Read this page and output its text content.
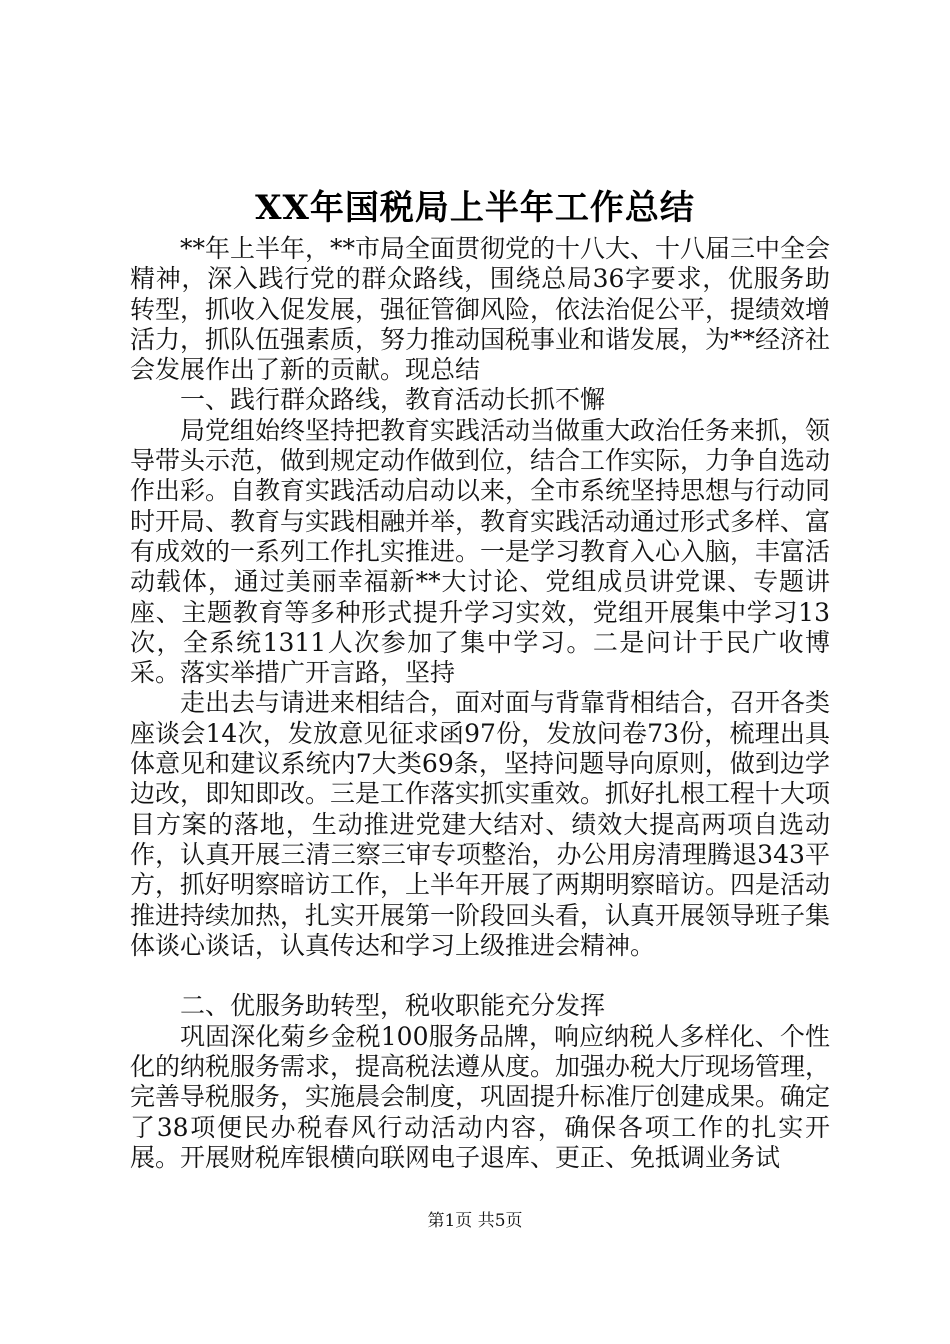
XX年国税局上半年工作总结

**年上半年，**市局全面贯彻党的十八大、十八届三中全会精神，深入践行党的群众路线，围绕总局36字要求，优服务助转型，抓收入促发展，强征管御风险，依法治促公平，提绩效增活力，抓队伍强素质，努力推动国税事业和谐发展，为**经济社会发展作出了新的贡献。现总结

一、践行群众路线，教育活动长抓不懈

局党组始终坚持把教育实践活动当做重大政治任务来抓，领导带头示范，做到规定动作做到位，结合工作实际，力争自选动作出彩。自教育实践活动启动以来，全市系统坚持思想与行动同时开局、教育与实践相融并举，教育实践活动通过形式多样、富有成效的一系列工作扎实推进。一是学习教育入心入脑，丰富活动载体，通过美丽幸福新**大讨论、党组成员讲党课、专题讲座、主题教育等多种形式提升学习实效，党组开展集中学习13次，全系统1311人次参加了集中学习。二是问计于民广收博采。落实举措广开言路，坚持

走出去与请进来相结合，面对面与背靠背相结合，召开各类座谈会14次，发放意见征求函97份，发放问卷73份，梳理出具体意见和建议系统内7大类69条，坚持问题导向原则，做到边学边改，即知即改。三是工作落实抓实重效。抓好扎根工程十大项目方案的落地，生动推进党建大结对、绩效大提高两项自选动作，认真开展三清三察三审专项整治，办公用房清理腾退343平方，抓好明察暗访工作，上半年开展了两期明察暗访。四是活动推进持续加热，扎实开展第一阶段回头看，认真开展领导班子集体谈心谈话，认真传达和学习上级推进会精神。

二、优服务助转型，税收职能充分发挥

巩固深化菊乡金税100服务品牌，响应纳税人多样化、个性化的纳税服务需求，提高税法遵从度。加强办税大厅现场管理，完善导税服务，实施晨会制度，巩固提升标准厅创建成果。确定了38项便民办税春风行动活动内容，确保各项工作的扎实开展。开展财税库银横向联网电子退库、更正、免抵调业务试

第1页 共5页
